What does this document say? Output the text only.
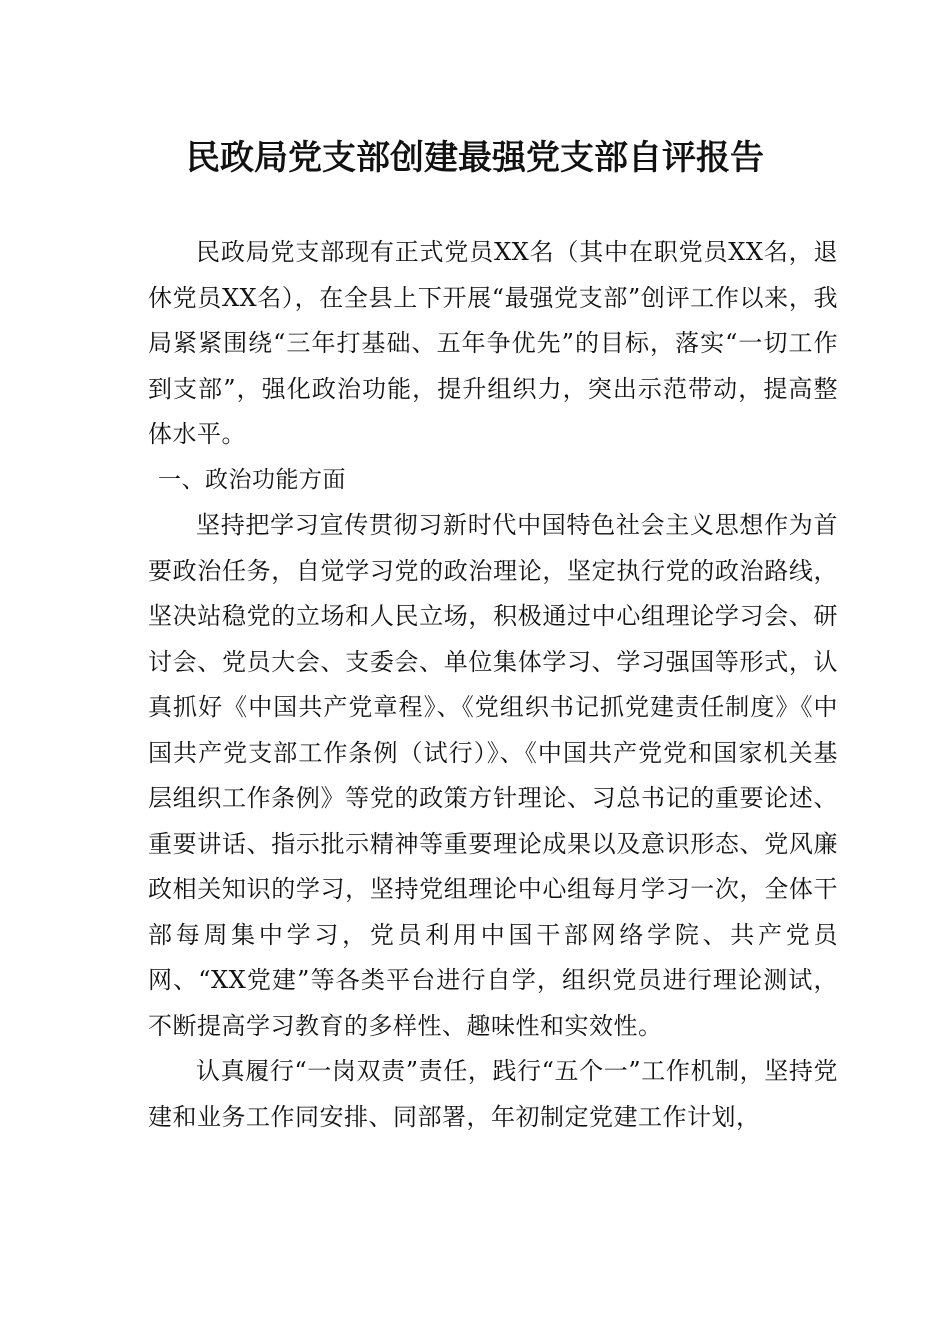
民政局党支部创建最强党支部自评报告

民政局党支部现有正式党员XX名（其中在职党员XX名，退休党员XX名），在全县上下开展“最强党支部”创评工作以来，我局紧紧围绕“三年打基础、五年争优先”的目标，落实“一切工作到支部”，强化政治功能，提升组织力，突出示范带动，提高整体水平。

一、政治功能方面

坚持把学习宣传贯彻习新时代中国特色社会主义思想作为首要政治任务，自觉学习党的政治理论，坚定执行党的政治路线，坚决站稳党的立场和人民立场，积极通过中心组理论学习会、研讨会、党员大会、支委会、单位集体学习、学习强国等形式，认真抓好《中国共产党章程》、《党组织书记抓党建责任制度》《中国共产党支部工作条例（试行）》、《中国共产党党和国家机关基层组织工作条例》等党的政策方针理论、习总书记的重要论述、重要讲话、指示批示精神等重要理论成果以及意识形态、党风廉政相关知识的学习，坚持党组理论中心组每月学习一次，全体干部每周集中学习，党员利用中国干部网络学院、共产党员网、“XX党建”等各类平台进行自学，组织党员进行理论测试，不断提高学习教育的多样性、趣味性和实效性。

认真履行“一岗双责”责任，践行“五个一”工作机制，坚持党建和业务工作同安排、同部署，年初制定党建工作计划，
